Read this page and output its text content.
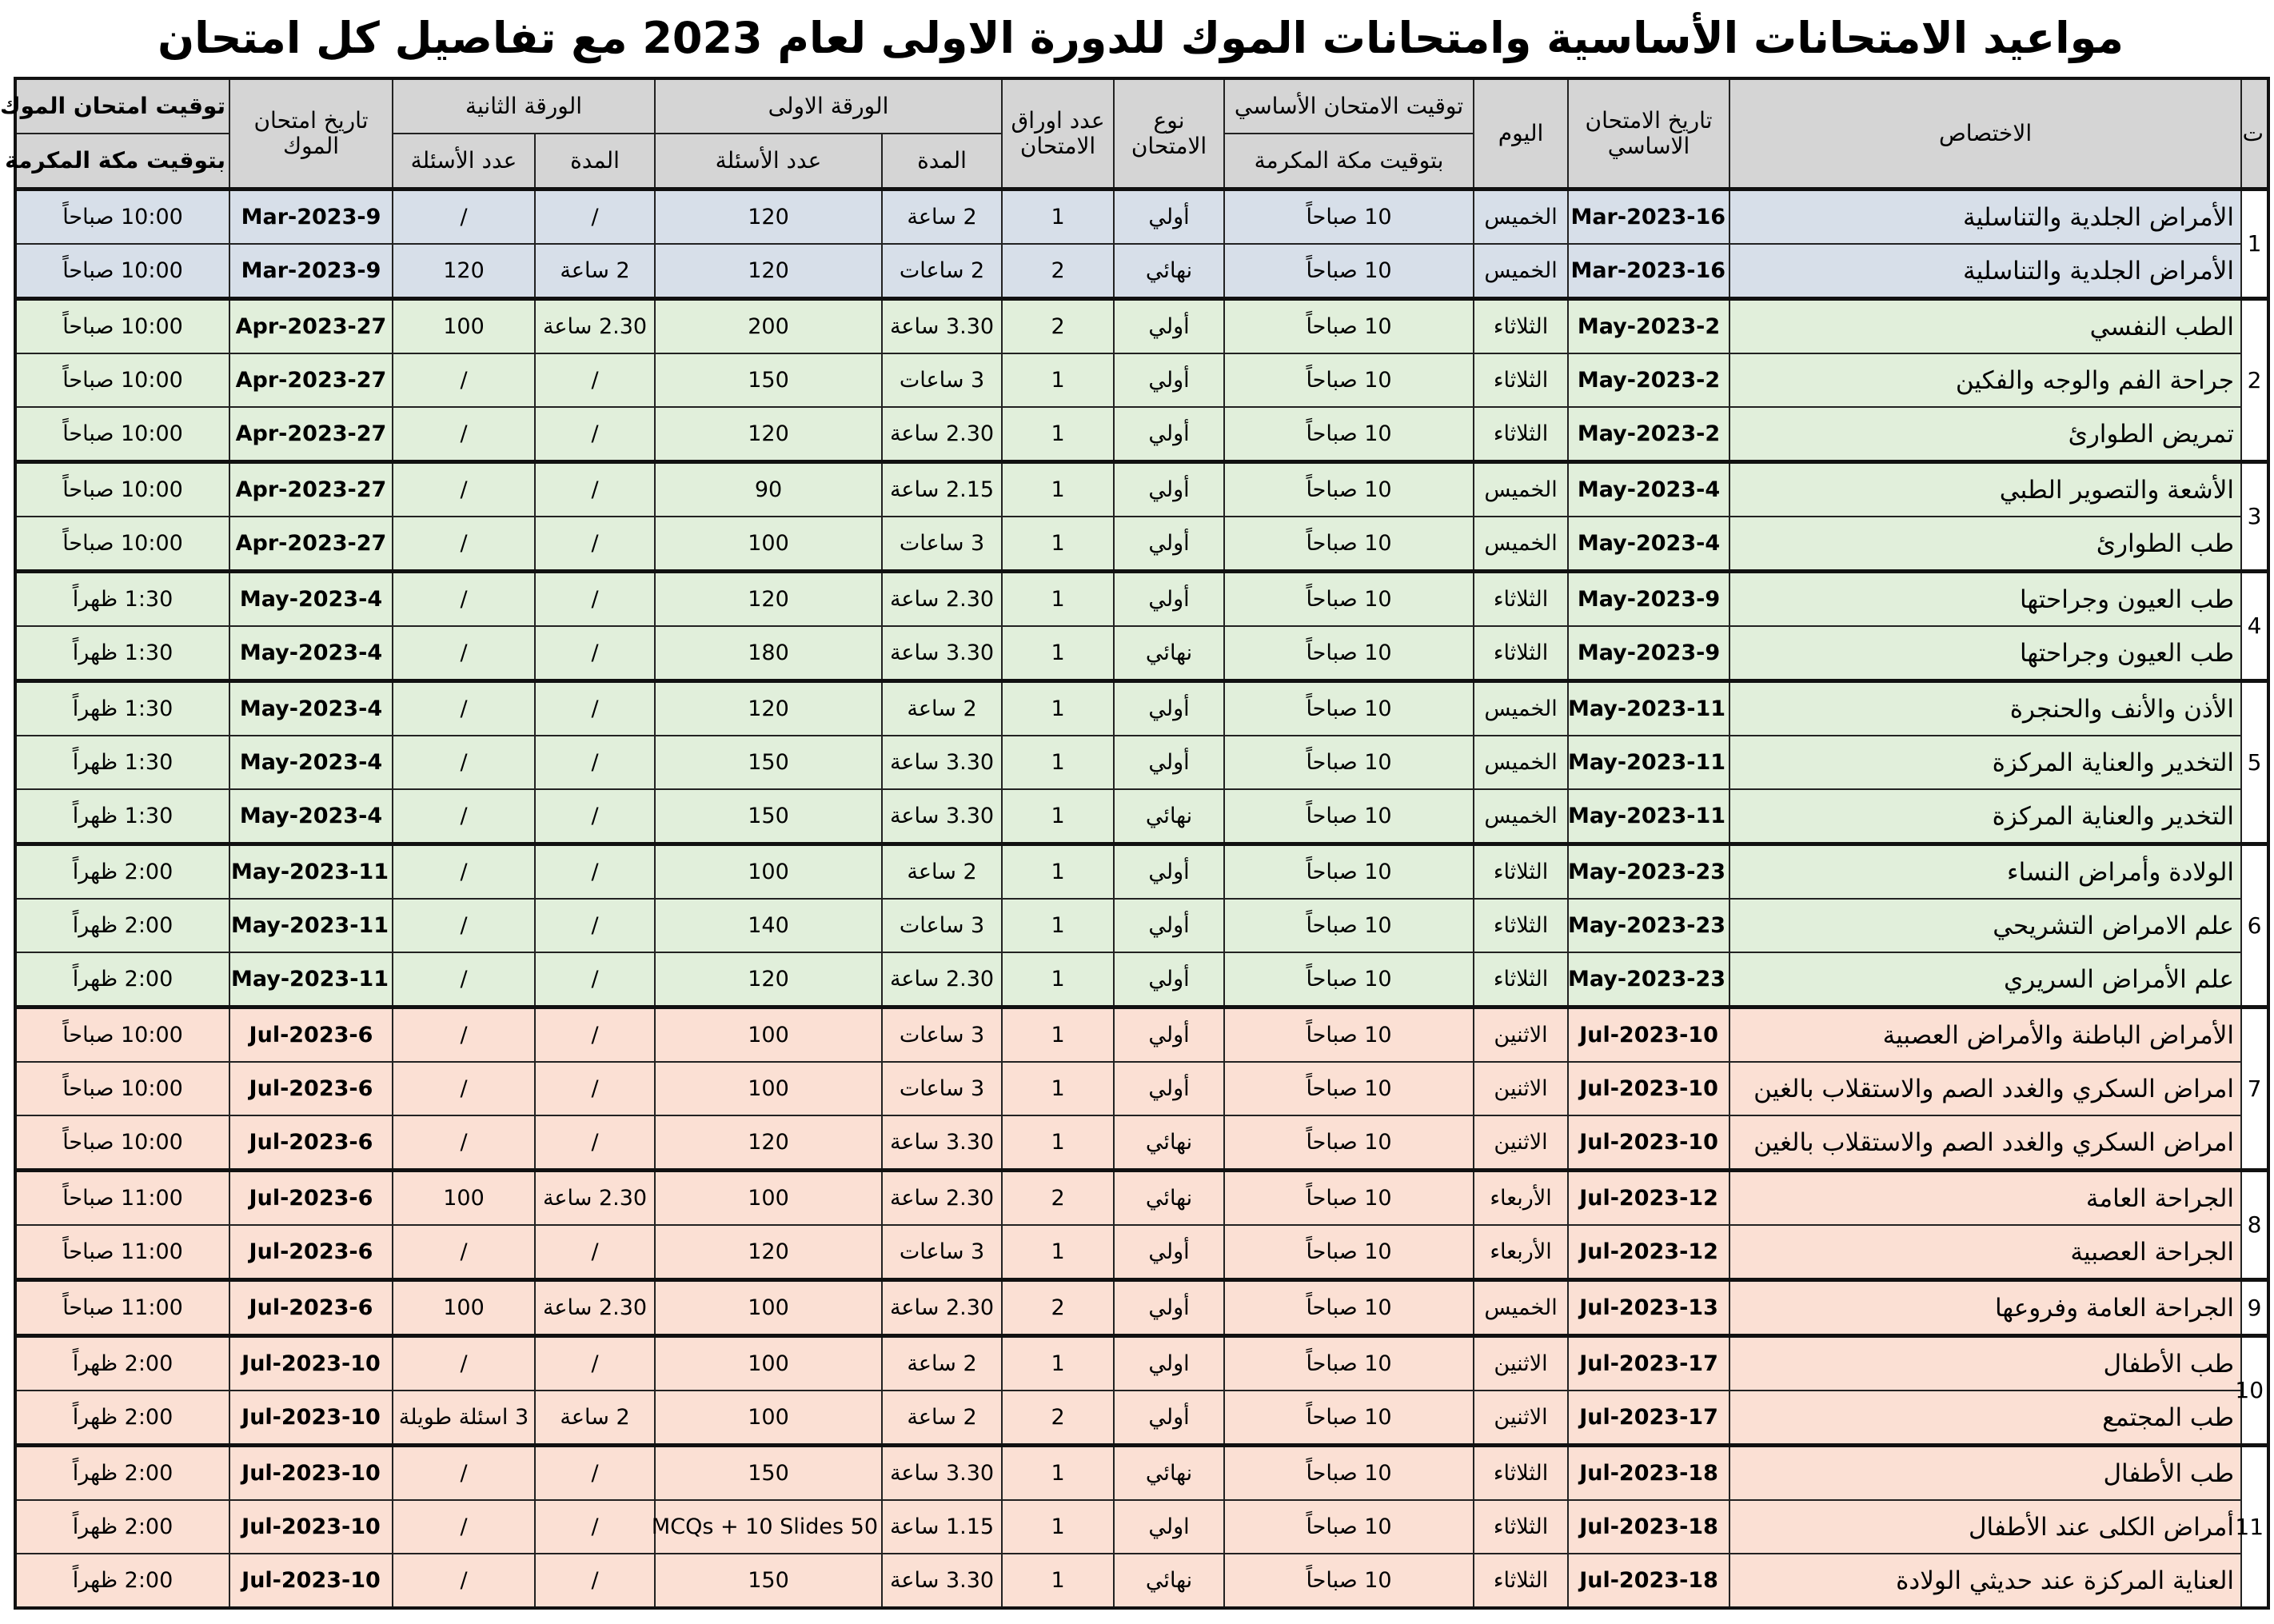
مواعيد الامتحانات الأساسية وامتحانات الموك للدورة الاولى لعام 2023 مع تفاصيل كل امتحان
ت	الاختصاص	تاريخ الامتحان الاساسي	اليوم	توقيت الامتحان الأساسي	نوع الامتحان	عدد اوراق الامتحان	الورقة الاولى		الورقة الثانية		تاريخ امتحان الموك	توقيت امتحان الموك
				بتوقيت مكة المكرمة			المدة	عدد الأسئلة	المدة	عدد الأسئلة		بتوقيت مكة المكرمة
1	الأمراض الجلدية والتناسلية	16-Mar-2023	الخميس	10 صباحاً	أولي	1	2 ساعة	120	/	/	9-Mar-2023	10:00 صباحاً
	الأمراض الجلدية والتناسلية	16-Mar-2023	الخميس	10 صباحاً	نهائي	2	2 ساعات	120	2 ساعة	120	9-Mar-2023	10:00 صباحاً
2	الطب النفسي	2-May-2023	الثلاثاء	10 صباحاً	أولي	2	3.30 ساعة	200	2.30 ساعة	100	27-Apr-2023	10:00 صباحاً
	جراحة الفم والوجه والفكين	2-May-2023	الثلاثاء	10 صباحاً	أولي	1	3 ساعات	150	/	/	27-Apr-2023	10:00 صباحاً
	تمريض الطوارئ	2-May-2023	الثلاثاء	10 صباحاً	أولي	1	2.30 ساعة	120	/	/	27-Apr-2023	10:00 صباحاً
3	الأشعة والتصوير الطبي	4-May-2023	الخميس	10 صباحاً	أولي	1	2.15 ساعة	90	/	/	27-Apr-2023	10:00 صباحاً
	طب الطوارئ	4-May-2023	الخميس	10 صباحاً	أولي	1	3 ساعات	100	/	/	27-Apr-2023	10:00 صباحاً
4	طب العيون وجراحتها	9-May-2023	الثلاثاء	10 صباحاً	أولي	1	2.30 ساعة	120	/	/	4-May-2023	1:30 ظهراً
	طب العيون وجراحتها	9-May-2023	الثلاثاء	10 صباحاً	نهائي	1	3.30 ساعة	180	/	/	4-May-2023	1:30 ظهراً
5	الأذن والأنف والحنجرة	11-May-2023	الخميس	10 صباحاً	أولي	1	2 ساعة	120	/	/	4-May-2023	1:30 ظهراً
	التخدير والعناية المركزة	11-May-2023	الخميس	10 صباحاً	أولي	1	3.30 ساعة	150	/	/	4-May-2023	1:30 ظهراً
	التخدير والعناية المركزة	11-May-2023	الخميس	10 صباحاً	نهائي	1	3.30 ساعة	150	/	/	4-May-2023	1:30 ظهراً
6	الولادة وأمراض النساء	23-May-2023	الثلاثاء	10 صباحاً	أولي	1	2 ساعة	100	/	/	11-May-2023	2:00 ظهراً
	علم الامراض التشريحي	23-May-2023	الثلاثاء	10 صباحاً	أولي	1	3 ساعات	140	/	/	11-May-2023	2:00 ظهراً
	علم الأمراض السريري	23-May-2023	الثلاثاء	10 صباحاً	أولي	1	2.30 ساعة	120	/	/	11-May-2023	2:00 ظهراً
7	الأمراض الباطنة والأمراض العصبية	10-Jul-2023	الاثنين	10 صباحاً	أولي	1	3 ساعات	100	/	/	6-Jul-2023	10:00 صباحاً
	امراض السكري والغدد الصم والاستقلاب بالغين	10-Jul-2023	الاثنين	10 صباحاً	أولي	1	3 ساعات	100	/	/	6-Jul-2023	10:00 صباحاً
	امراض السكري والغدد الصم والاستقلاب بالغين	10-Jul-2023	الاثنين	10 صباحاً	نهائي	1	3.30 ساعة	120	/	/	6-Jul-2023	10:00 صباحاً
8	الجراحة العامة	12-Jul-2023	الأربعاء	10 صباحاً	نهائي	2	2.30 ساعة	100	2.30 ساعة	100	6-Jul-2023	11:00 صباحاً
	الجراحة العصبية	12-Jul-2023	الأربعاء	10 صباحاً	أولي	1	3 ساعات	120	/	/	6-Jul-2023	11:00 صباحاً
9	الجراحة العامة وفروعها	13-Jul-2023	الخميس	10 صباحاً	أولي	2	2.30 ساعة	100	2.30 ساعة	100	6-Jul-2023	11:00 صباحاً
10	طب الأطفال	17-Jul-2023	الاثنين	10 صباحاً	اولي	1	2 ساعة	100	/	/	10-Jul-2023	2:00 ظهراً
	طب المجتمع	17-Jul-2023	الاثنين	10 صباحاً	أولي	2	2 ساعة	100	2 ساعة	3 اسئلة طويلة	10-Jul-2023	2:00 ظهراً
11	طب الأطفال	18-Jul-2023	الثلاثاء	10 صباحاً	نهائي	1	3.30 ساعة	150	/	/	10-Jul-2023	2:00 ظهراً
	أمراض الكلى عند الأطفال	18-Jul-2023	الثلاثاء	10 صباحاً	اولي	1	1.15 ساعة	50 MCQs + 10 Slides	/	/	10-Jul-2023	2:00 ظهراً
	العناية المركزة عند حديثي الولادة	18-Jul-2023	الثلاثاء	10 صباحاً	نهائي	1	3.30 ساعة	150	/	/	10-Jul-2023	2:00 ظهراً
